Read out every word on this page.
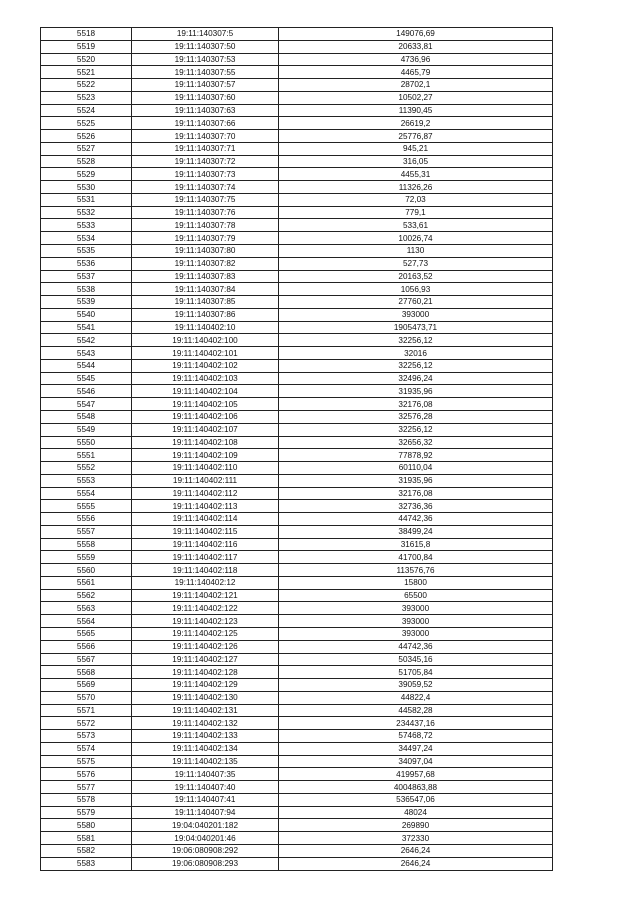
5518	19:11:140307:5	149076,69
5519	19:11:140307:50	20633,81
5520	19:11:140307:53	4736,96
5521	19:11:140307:55	4465,79
5522	19:11:140307:57	28702,1
5523	19:11:140307:60	10502,27
5524	19:11:140307:63	11390,45
5525	19:11:140307:66	26619,2
5526	19:11:140307:70	25776,87
5527	19:11:140307:71	945,21
5528	19:11:140307:72	316,05
5529	19:11:140307:73	4455,31
5530	19:11:140307:74	11326,26
5531	19:11:140307:75	72,03
5532	19:11:140307:76	779,1
5533	19:11:140307:78	533,61
5534	19:11:140307:79	10026,74
5535	19:11:140307:80	1130
5536	19:11:140307:82	527,73
5537	19:11:140307:83	20163,52
5538	19:11:140307:84	1056,93
5539	19:11:140307:85	27760,21
5540	19:11:140307:86	393000
5541	19:11:140402:10	1905473,71
5542	19:11:140402:100	32256,12
5543	19:11:140402:101	32016
5544	19:11:140402:102	32256,12
5545	19:11:140402:103	32496,24
5546	19:11:140402:104	31935,96
5547	19:11:140402:105	32176,08
5548	19:11:140402:106	32576,28
5549	19:11:140402:107	32256,12
5550	19:11:140402:108	32656,32
5551	19:11:140402:109	77878,92
5552	19:11:140402:110	60110,04
5553	19:11:140402:111	31935,96
5554	19:11:140402:112	32176,08
5555	19:11:140402:113	32736,36
5556	19:11:140402:114	44742,36
5557	19:11:140402:115	38499,24
5558	19:11:140402:116	31615,8
5559	19:11:140402:117	41700,84
5560	19:11:140402:118	113576,76
5561	19:11:140402:12	15800
5562	19:11:140402:121	65500
5563	19:11:140402:122	393000
5564	19:11:140402:123	393000
5565	19:11:140402:125	393000
5566	19:11:140402:126	44742,36
5567	19:11:140402:127	50345,16
5568	19:11:140402:128	51705,84
5569	19:11:140402:129	39059,52
5570	19:11:140402:130	44822,4
5571	19:11:140402:131	44582,28
5572	19:11:140402:132	234437,16
5573	19:11:140402:133	57468,72
5574	19:11:140402:134	34497,24
5575	19:11:140402:135	34097,04
5576	19:11:140407:35	419957,68
5577	19:11:140407:40	4004863,88
5578	19:11:140407:41	536547,06
5579	19:11:140407:94	48024
5580	19:04:040201:182	269890
5581	19:04:040201:46	372330
5582	19:06:080908:292	2646,24
5583	19:06:080908:293	2646,24
